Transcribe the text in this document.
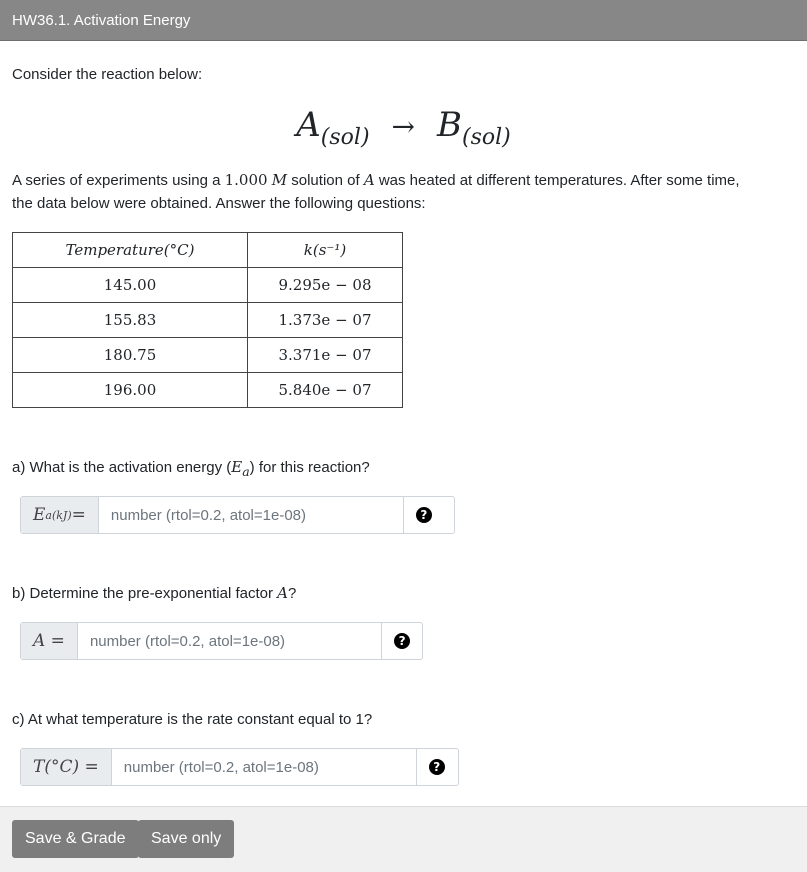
HW36.1. Activation Energy
Consider the reaction below:
$A_{(sol)} \to B_{(sol)}$
A series of experiments using a 1.000 M solution of A was heated at different temperatures. After some time,
the data below were obtained. Answer the following questions:
Temperature(°C)	k(s⁻¹)
145.00	9.295e − 08
155.83	1.373e − 07
180.75	3.371e − 07
196.00	5.840e − 07
a) What is the activation energy $(E_a)$ for this reaction?
E a(kJ) =
number (rtol=0.2, atol=1e-08)	?
b) Determine the pre-exponential factor A?
A =
number (rtol=0.2, atol=1e-08)	?
c) At what temperature is the rate constant equal to 1?
T(°C) =
number (rtol=0.2, atol=1e-08)	?
Save & Grade	Save only
